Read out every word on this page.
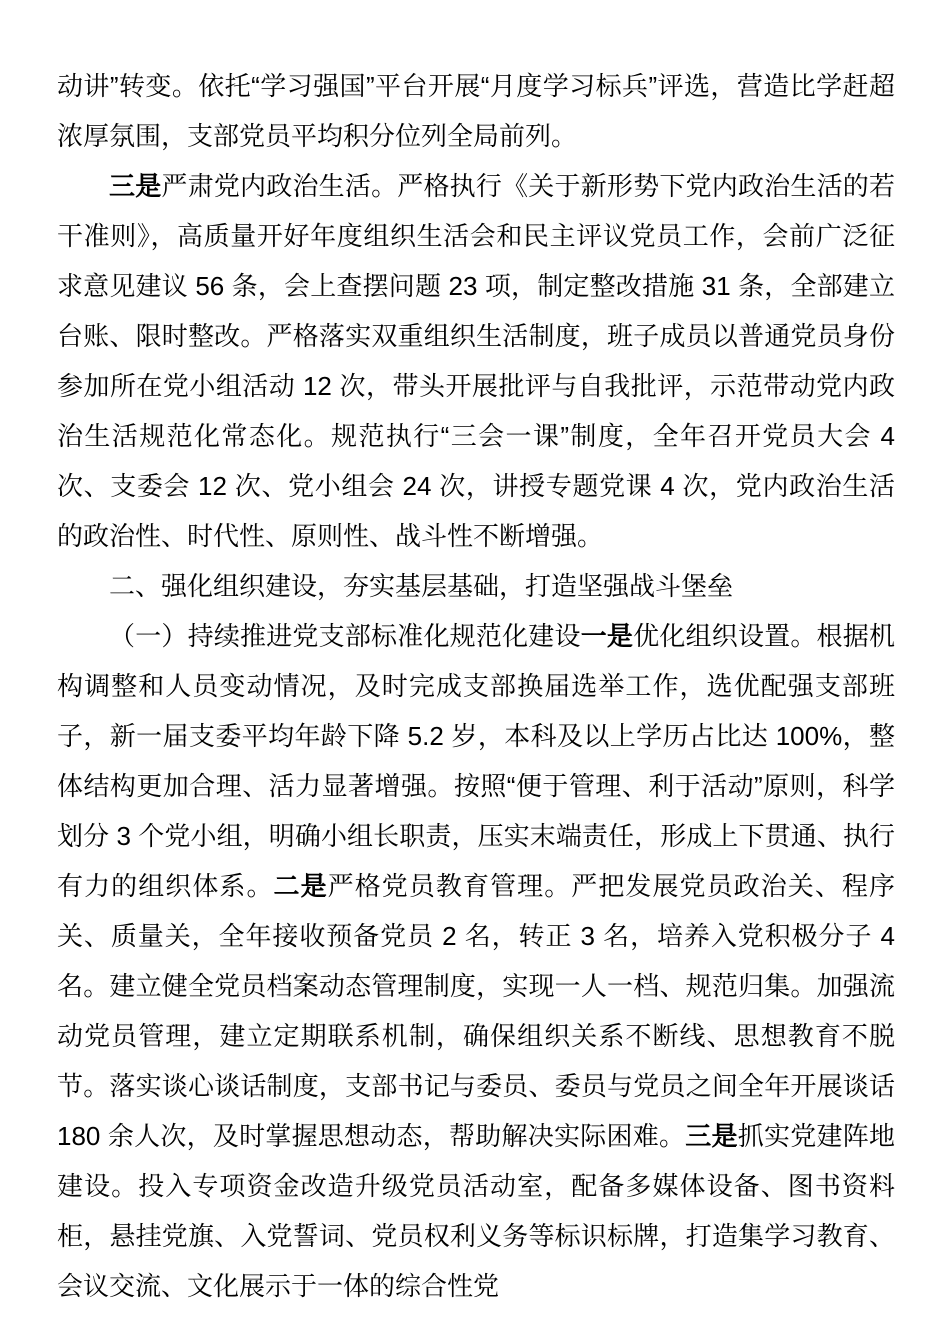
动讲”转变。依托“学习强国”平台开展“月度学习标兵”评选，营造比学赶超浓厚氛围，支部党员平均积分位列全局前列。

三是严肃党内政治生活。严格执行《关于新形势下党内政治生活的若干准则》，高质量开好年度组织生活会和民主评议党员工作，会前广泛征求意见建议 56 条，会上查摆问题 23 项，制定整改措施 31 条，全部建立台账、限时整改。严格落实双重组织生活制度，班子成员以普通党员身份参加所在党小组活动 12 次，带头开展批评与自我批评，示范带动党内政治生活规范化常态化。规范执行“三会一课”制度，全年召开党员大会 4 次、支委会 12 次、党小组会 24 次，讲授专题党课 4 次，党内政治生活的政治性、时代性、原则性、战斗性不断增强。

二、强化组织建设，夯实基层基础，打造坚强战斗堡垒

（一）持续推进党支部标准化规范化建设一是优化组织设置。根据机构调整和人员变动情况，及时完成支部换届选举工作，选优配强支部班子，新一届支委平均年龄下降 5.2 岁，本科及以上学历占比达 100%，整体结构更加合理、活力显著增强。按照“便于管理、利于活动”原则，科学划分 3 个党小组，明确小组长职责，压实末端责任，形成上下贯通、执行有力的组织体系。二是严格党员教育管理。严把发展党员政治关、程序关、质量关，全年接收预备党员 2 名，转正 3 名，培养入党积极分子 4 名。建立健全党员档案动态管理制度，实现一人一档、规范归集。加强流动党员管理，建立定期联系机制，确保组织关系不断线、思想教育不脱节。落实谈心谈话制度，支部书记与委员、委员与党员之间全年开展谈话 180 余人次，及时掌握思想动态，帮助解决实际困难。三是抓实党建阵地建设。投入专项资金改造升级党员活动室，配备多媒体设备、图书资料柜，悬挂党旗、入党誓词、党员权利义务等标识标牌，打造集学习教育、会议交流、文化展示于一体的综合性党
